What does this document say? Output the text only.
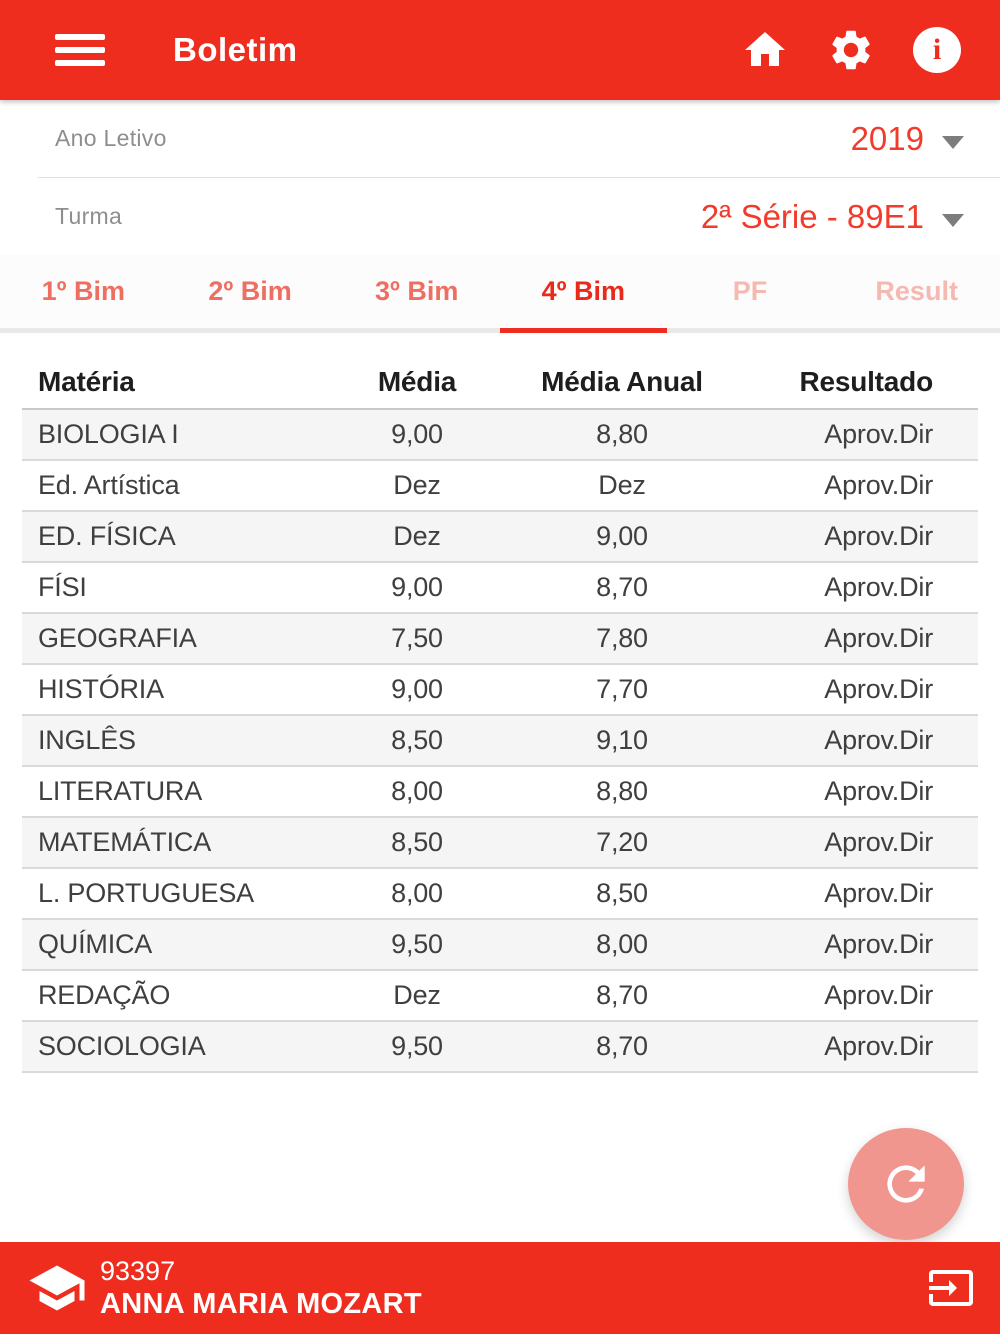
Boletim
i
Ano Letivo	2019
Turma	2ª Série - 89E1
1º Bim	2º Bim	3º Bim	4º Bim	PF	Result
Matéria	Média	Média Anual	Resultado
BIOLOGIA I	9,00	8,80	Aprov.Dir
Ed. Artística	Dez	Dez	Aprov.Dir
ED. FÍSICA	Dez	9,00	Aprov.Dir
FÍSI	9,00	8,70	Aprov.Dir
GEOGRAFIA	7,50	7,80	Aprov.Dir
HISTÓRIA	9,00	7,70	Aprov.Dir
INGLÊS	8,50	9,10	Aprov.Dir
LITERATURA	8,00	8,80	Aprov.Dir
MATEMÁTICA	8,50	7,20	Aprov.Dir
L. PORTUGUESA	8,00	8,50	Aprov.Dir
QUÍMICA	9,50	8,00	Aprov.Dir
REDAÇÃO	Dez	8,70	Aprov.Dir
SOCIOLOGIA	9,50	8,70	Aprov.Dir
93397
ANNA MARIA MOZART
